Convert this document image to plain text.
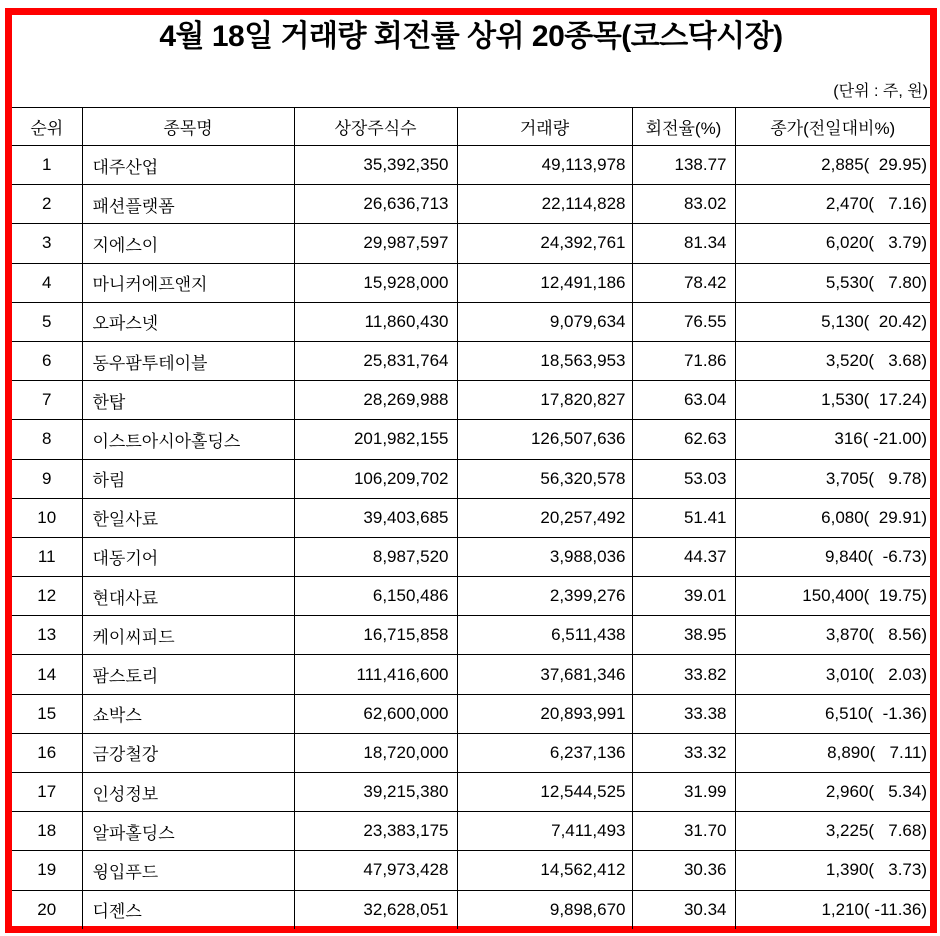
4월 18일 거래량 회전률 상위 20종목(코스닥시장)
(단위 : 주, 원)
순위	종목명	상장주식수	거래량	회전율(%)	종가(전일대비%)
1	대주산업	35,392,350	49,113,978	138.77	2,885(  29.95)
2	패션플랫폼	26,636,713	22,114,828	83.02	2,470(   7.16)
3	지에스이	29,987,597	24,392,761	81.34	6,020(   3.79)
4	마니커에프앤지	15,928,000	12,491,186	78.42	5,530(   7.80)
5	오파스넷	11,860,430	9,079,634	76.55	5,130(  20.42)
6	동우팜투테이블	25,831,764	18,563,953	71.86	3,520(   3.68)
7	한탑	28,269,988	17,820,827	63.04	1,530(  17.24)
8	이스트아시아홀딩스	201,982,155	126,507,636	62.63	316( -21.00)
9	하림	106,209,702	56,320,578	53.03	3,705(   9.78)
10	한일사료	39,403,685	20,257,492	51.41	6,080(  29.91)
11	대동기어	8,987,520	3,988,036	44.37	9,840(  -6.73)
12	현대사료	6,150,486	2,399,276	39.01	150,400(  19.75)
13	케이씨피드	16,715,858	6,511,438	38.95	3,870(   8.56)
14	팜스토리	111,416,600	37,681,346	33.82	3,010(   2.03)
15	쇼박스	62,600,000	20,893,991	33.38	6,510(  -1.36)
16	금강철강	18,720,000	6,237,136	33.32	8,890(   7.11)
17	인성정보	39,215,380	12,544,525	31.99	2,960(   5.34)
18	알파홀딩스	23,383,175	7,411,493	31.70	3,225(   7.68)
19	윙입푸드	47,973,428	14,562,412	30.36	1,390(   3.73)
20	디젠스	32,628,051	9,898,670	30.34	1,210( -11.36)
